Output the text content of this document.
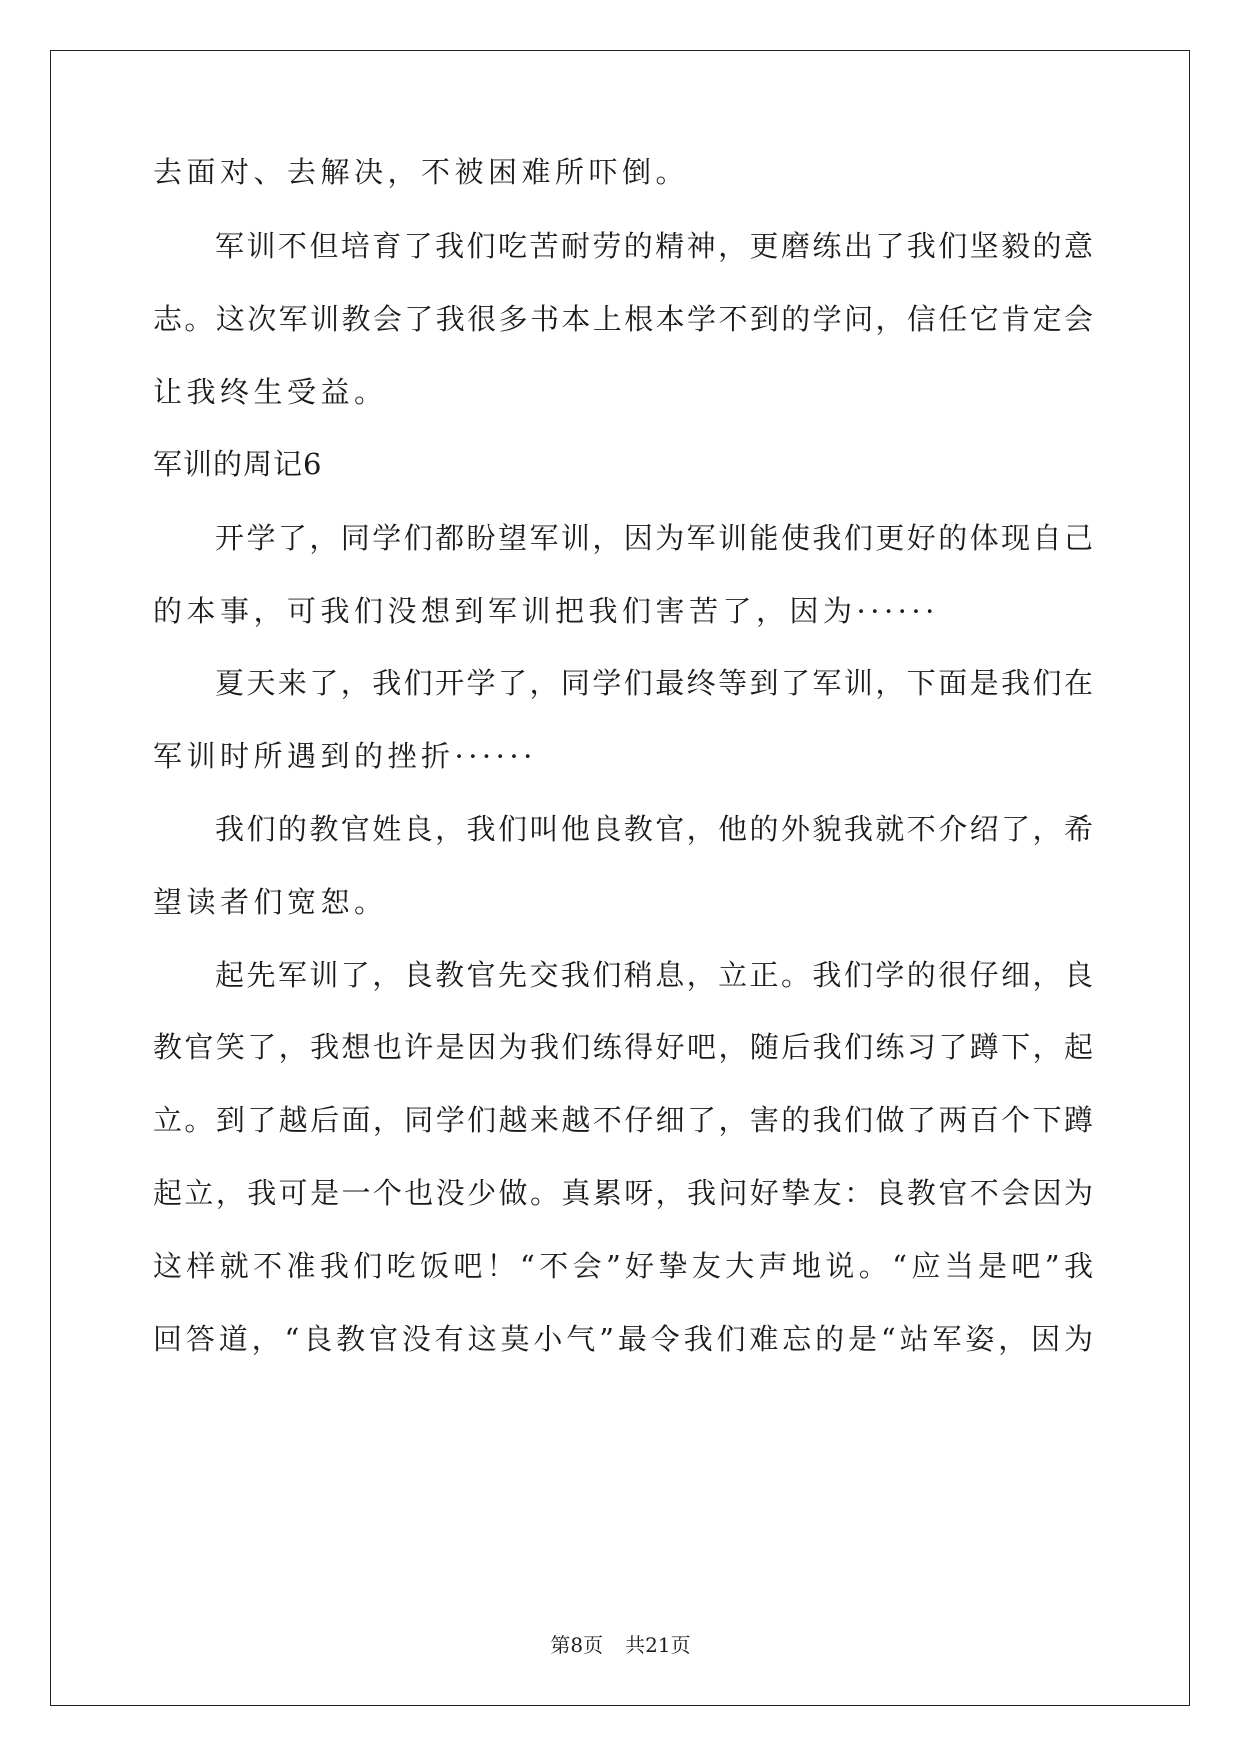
去面对、去解决，不被困难所吓倒。
军训不但培育了我们吃苦耐劳的精神，更磨练出了我们坚毅的意
志。这次军训教会了我很多书本上根本学不到的学问，信任它肯定会
让我终生受益。
军训的周记6
开学了，同学们都盼望军训，因为军训能使我们更好的体现自己
的本事，可我们没想到军训把我们害苦了，因为······
夏天来了，我们开学了，同学们最终等到了军训，下面是我们在
军训时所遇到的挫折······
我们的教官姓良，我们叫他良教官，他的外貌我就不介绍了，希
望读者们宽恕。
起先军训了，良教官先交我们稍息，立正。我们学的很仔细，良
教官笑了，我想也许是因为我们练得好吧，随后我们练习了蹲下，起
立。到了越后面，同学们越来越不仔细了，害的我们做了两百个下蹲
起立，我可是一个也没少做。真累呀，我问好挚友：良教官不会因为
这样就不准我们吃饭吧！“不会”好挚友大声地说。“应当是吧”我
回答道，“良教官没有这莫小气”最令我们难忘的是“站军姿，因为
第8页 共21页
